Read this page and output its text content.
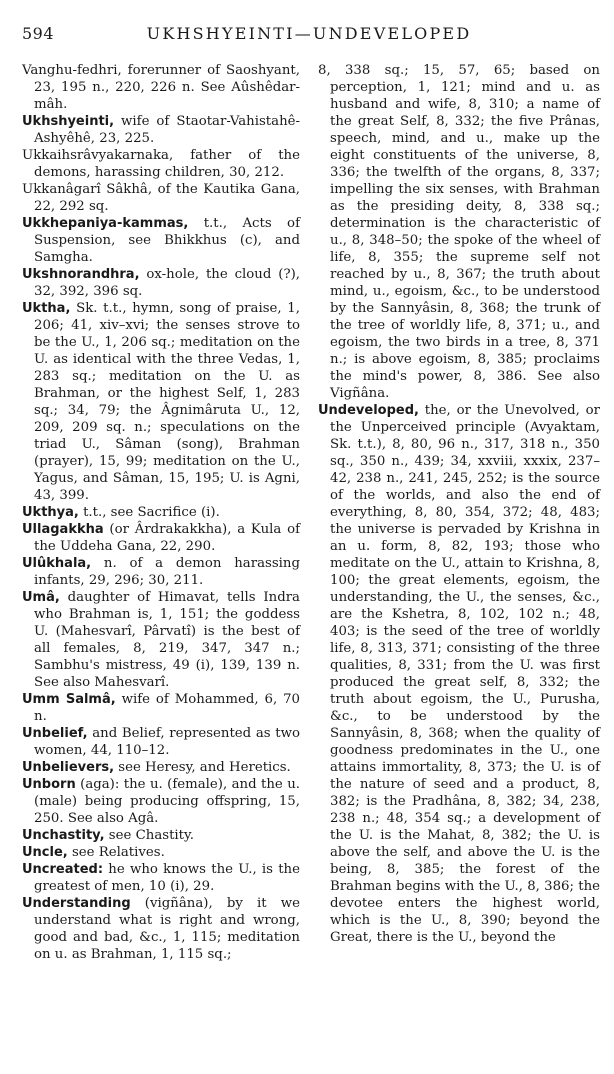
594	UKHSHYEINTI—UNDEVELOPED

Vanghu-fedhri, forerunner of Saoshyant, 23, 195 n., 220, 226 n. See Aûshêdar-mâh.

Ukhshyeinti, wife of Staotar-Vahistahê-Ashyêhê, 23, 225.

Ukkaihsrâvyakarnaka, father of the demons, harassing children, 30, 212.

Ukkanâgarî Sâkhâ, of the Kautika Gana, 22, 292 sq.

Ukkhepaniya-kammas, t.t., Acts of Suspension, see Bhikkhus (c), and Samgha.

Ukshnorandhra, ox-hole, the cloud (?), 32, 392, 396 sq.

Uktha, Sk. t.t., hymn, song of praise, 1, 206; 41, xiv–xvi; the senses strove to be the U., 1, 206 sq.; meditation on the U. as identical with the three Vedas, 1, 283 sq.; meditation on the U. as Brahman, or the highest Self, 1, 283 sq.; 34, 79; the Âgnimâruta U., 12, 209, 209 sq. n.; speculations on the triad U., Sâman (song), Brahman (prayer), 15, 99; meditation on the U., Yagus, and Sâman, 15, 195; U. is Agni, 43, 399.

Ukthya, t.t., see Sacrifice (i).

Ullagakkha (or Ârdrakakkha), a Kula of the Uddeha Gana, 22, 290.

Ulûkhala, n. of a demon harassing infants, 29, 296; 30, 211.

Umâ, daughter of Himavat, tells Indra who Brahman is, 1, 151; the goddess U. (Mahesvarî, Pârvatî) is the best of all females, 8, 219, 347, 347 n.; Sambhu's mistress, 49 (i), 139, 139 n. See also Mahesvarî.

Umm Salmâ, wife of Mohammed, 6, 70 n.

Unbelief, and Belief, represented as two women, 44, 110–12.

Unbelievers, see Heresy, and Heretics.

Unborn (aga): the u. (female), and the u. (male) being producing offspring, 15, 250. See also Agâ.

Unchastity, see Chastity.

Uncle, see Relatives.

Uncreated: he who knows the U., is the greatest of men, 10 (i), 29.

Understanding (vigñâna), by it we understand what is right and wrong, good and bad, &c., 1, 115; meditation on u. as Brahman, 1, 115 sq.;

8, 338 sq.; 15, 57, 65; based on perception, 1, 121; mind and u. as husband and wife, 8, 310; a name of the great Self, 8, 332; the five Prânas, speech, mind, and u., make up the eight constituents of the universe, 8, 336; the twelfth of the organs, 8, 337; impelling the six senses, with Brahman as the presiding deity, 8, 338 sq.; determination is the characteristic of u., 8, 348–50; the spoke of the wheel of life, 8, 355; the supreme self not reached by u., 8, 367; the truth about mind, u., egoism, &c., to be understood by the Sannyâsin, 8, 368; the trunk of the tree of worldly life, 8, 371; u., and egoism, the two birds in a tree, 8, 371 n.; is above egoism, 8, 385; proclaims the mind's power, 8, 386. See also Vigñâna.

Undeveloped, the, or the Unevolved, or the Unperceived principle (Avyaktam, Sk. t.t.), 8, 80, 96 n., 317, 318 n., 350 sq., 350 n., 439; 34, xxviii, xxxix, 237–42, 238 n., 241, 245, 252; is the source of the worlds, and also the end of everything, 8, 80, 354, 372; 48, 483; the universe is pervaded by Krishna in an u. form, 8, 82, 193; those who meditate on the U., attain to Krishna, 8, 100; the great elements, egoism, the understanding, the U., the senses, &c., are the Kshetra, 8, 102, 102 n.; 48, 403; is the seed of the tree of worldly life, 8, 313, 371; consisting of the three qualities, 8, 331; from the U. was first produced the great self, 8, 332; the truth about egoism, the U., Purusha, &c., to be understood by the Sannyâsin, 8, 368; when the quality of goodness predominates in the U., one attains immortality, 8, 373; the U. is of the nature of seed and a product, 8, 382; is the Pradhâna, 8, 382; 34, 238, 238 n.; 48, 354 sq.; a development of the U. is the Mahat, 8, 382; the U. is above the self, and above the U. is the being, 8, 385; the forest of the Brahman begins with the U., 8, 386; the devotee enters the highest world, which is the U., 8, 390; beyond the Great, there is the U., beyond the
